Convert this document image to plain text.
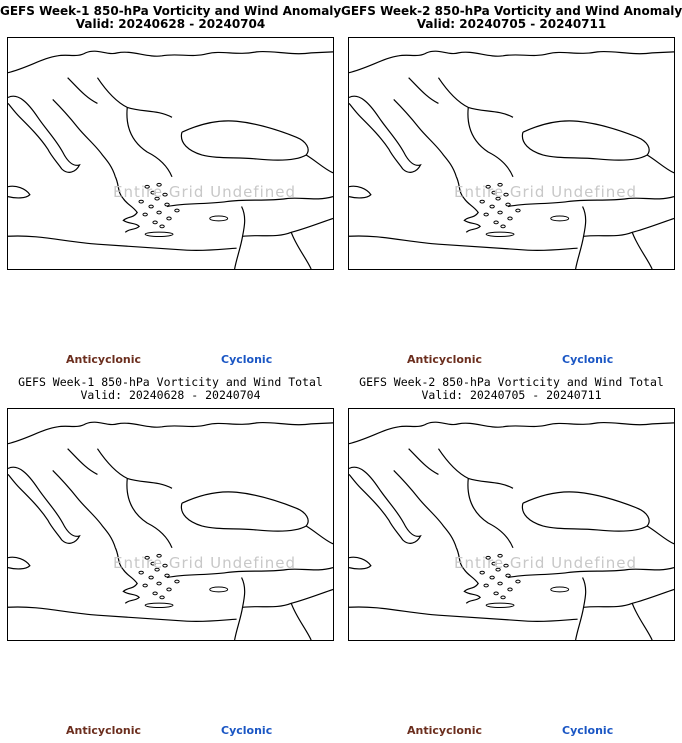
GEFS Week-1 850-hPa Vorticity and Wind Anomaly
Valid: 20240628 - 20240704
Entire Grid Undefined
Anticyclonic	Cyclonic
GEFS Week-2 850-hPa Vorticity and Wind Anomaly
Valid: 20240705 - 20240711
Entire Grid Undefined
Anticyclonic	Cyclonic
GEFS Week-1 850-hPa Vorticity and Wind Total
Valid: 20240628 - 20240704
Entire Grid Undefined
Anticyclonic	Cyclonic
GEFS Week-2 850-hPa Vorticity and Wind Total
Valid: 20240705 - 20240711
Entire Grid Undefined
Anticyclonic	Cyclonic
